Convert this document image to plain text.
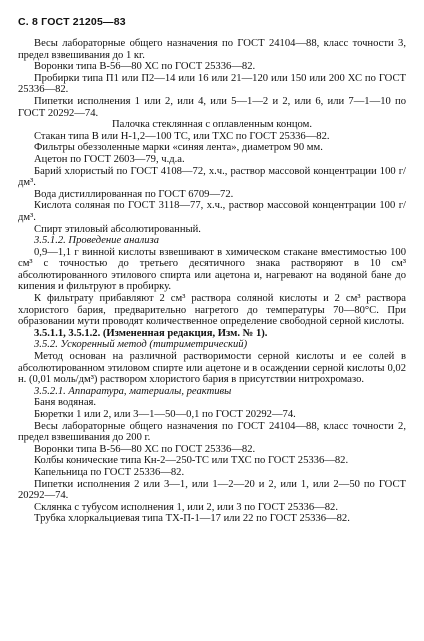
С. 8 ГОСТ 21205—83

Весы лабораторные общего назначения по ГОСТ 24104—88, класс точности 3, предел взвешивания до 1 кг.

Воронки типа В-56—80 ХС по ГОСТ 25336—82.

Пробирки типа П1 или П2—14 или 16 или 21—120 или 150 или 200 ХС по ГОСТ 25336—82.

Пипетки исполнения 1 или 2, или 4, или 5—1—2 и 2, или 6, или 7—1—10 по ГОСТ 20292—74.

Палочка стеклянная с оплавленным концом.

Стакан типа В или Н-1,2—100 ТС, или ТХС по ГОСТ 25336—82.

Фильтры обеззоленные марки «синяя лента», диаметром 90 мм.

Ацетон по ГОСТ 2603—79, ч.д.а.

Барий хлористый по ГОСТ 4108—72, х.ч., раствор массовой концентрации 100 г/дм³.

Вода дистиллированная по ГОСТ 6709—72.

Кислота соляная по ГОСТ 3118—77, х.ч., раствор массовой концентрации 100 г/дм³.

Спирт этиловый абсолютированный.

3.5.1.2. Проведение анализа

0,9—1,1 г винной кислоты взвешивают в химическом стакане вместимостью 100 см³ с точностью до третьего десятичного знака растворяют в 10 см³ абсолютированного этилового спирта или ацетона и, нагревают на водяной бане до кипения и фильтруют в пробирку.

К фильтрату прибавляют 2 см³ раствора соляной кислоты и 2 см³ раствора хлористого бария, предварительно нагретого до температуры 70—80°С. При образовании мути проводят количественное определение свободной серной кислоты.

3.5.1.1, 3.5.1.2. (Измененная редакция, Изм. № 1).

3.5.2. Ускоренный метод (титриметрический)

Метод основан на различной растворимости серной кислоты и ее солей в абсолютированном этиловом спирте или ацетоне и в осаждении серной кислоты 0,02 н. (0,01 моль/дм³) раствором хлористого бария в присутствии нитрохромазо.

3.5.2.1. Аппаратура, материалы, реактивы

Баня водяная.

Бюретки 1 или 2, или 3—1—50—0,1 по ГОСТ 20292—74.

Весы лабораторные общего назначения по ГОСТ 24104—88, класс точности 2, предел взвешивания до 200 г.

Воронки типа В-56—80 ХС по ГОСТ 25336—82.

Колбы конические типа Кн-2—250-ТС или ТХС по ГОСТ 25336—82.

Капельница по ГОСТ 25336—82.

Пипетки исполнения 2 или 3—1, или 1—2—20 и 2, или 1, или 2—50 по ГОСТ 20292—74.

Склянка с тубусом исполнения 1, или 2, или 3 по ГОСТ 25336—82.

Трубка хлоркальциевая типа ТХ-П-1—17 или 22 по ГОСТ 25336—82.
